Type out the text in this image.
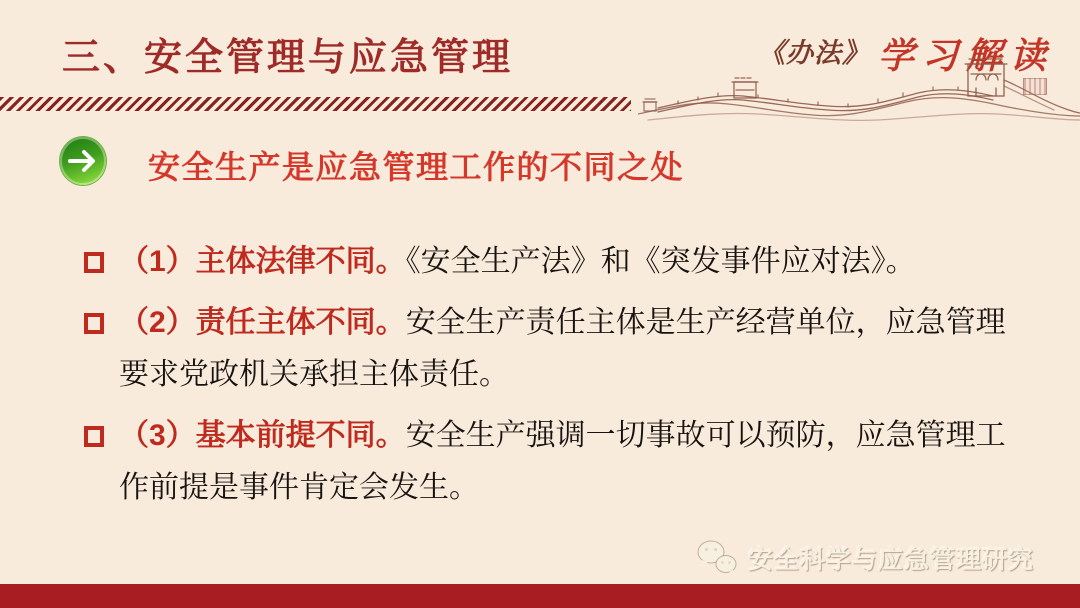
三、安全管理与应急管理	《办法》 学习解读
安全生产是应急管理工作的不同之处

（1）主体法律不同。《安全生产法》和《突发事件应对法》。

（2）责任主体不同。安全生产责任主体是生产经营单位，应急管理要求党政机关承担主体责任。

（3）基本前提不同。安全生产强调一切事故可以预防，应急管理工作前提是事件肯定会发生。

安全科学与应急管理研究
